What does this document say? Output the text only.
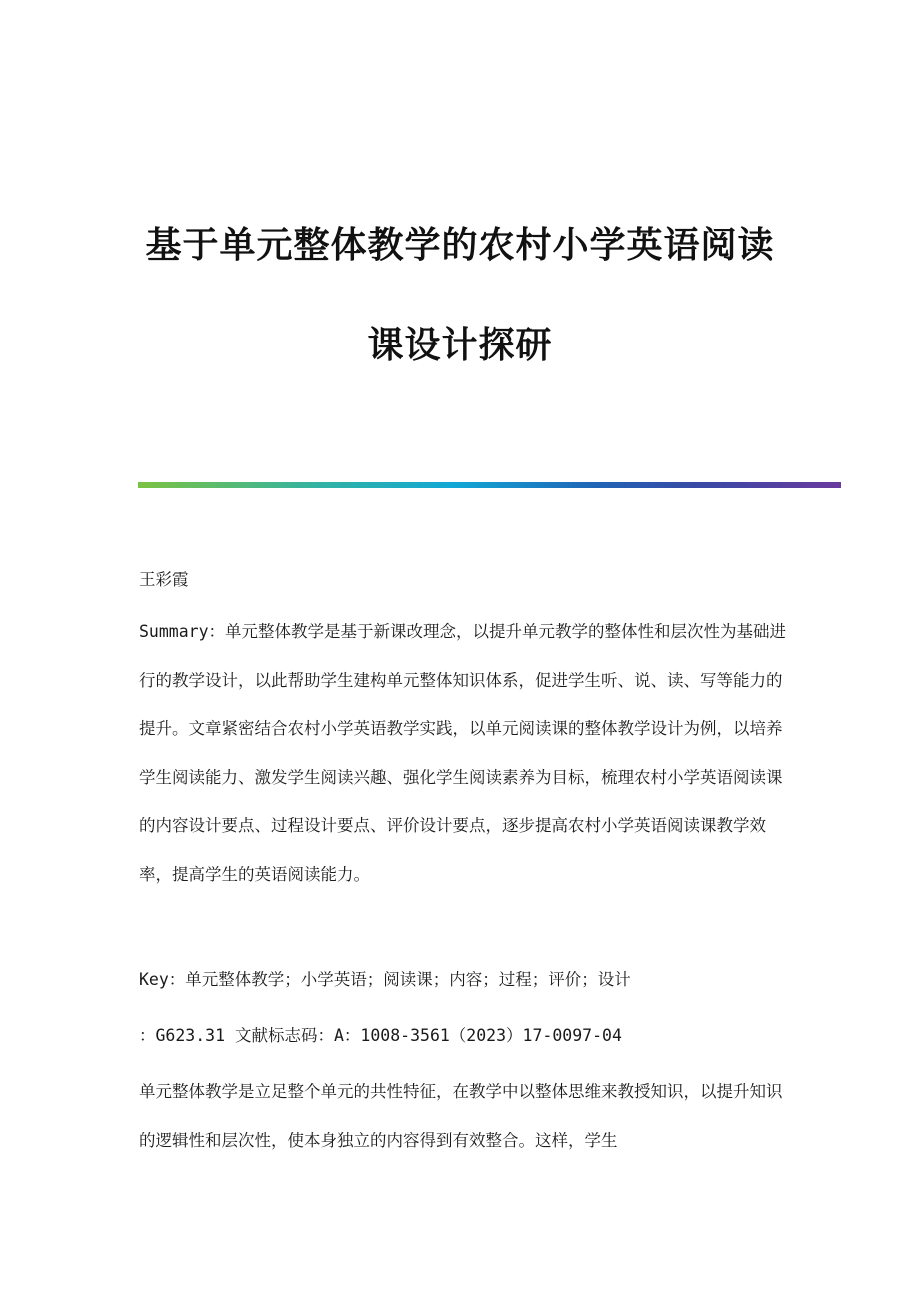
基于单元整体教学的农村小学英语阅读
课设计探研

王彩霞

Summary：单元整体教学是基于新课改理念，以提升单元教学的整体性和层次性为基础进行的教学设计，以此帮助学生建构单元整体知识体系，促进学生听、说、读、写等能力的提升。文章紧密结合农村小学英语教学实践，以单元阅读课的整体教学设计为例，以培养学生阅读能力、激发学生阅读兴趣、强化学生阅读素养为目标，梳理农村小学英语阅读课的内容设计要点、过程设计要点、评价设计要点，逐步提高农村小学英语阅读课教学效率，提高学生的英语阅读能力。

Key：单元整体教学；小学英语；阅读课；内容；过程；评价；设计

：G623.31 文献标志码：A：1008-3561（2023）17-0097-04

单元整体教学是立足整个单元的共性特征，在教学中以整体思维来教授知识，以提升知识的逻辑性和层次性，使本身独立的内容得到有效整合。这样，学生
